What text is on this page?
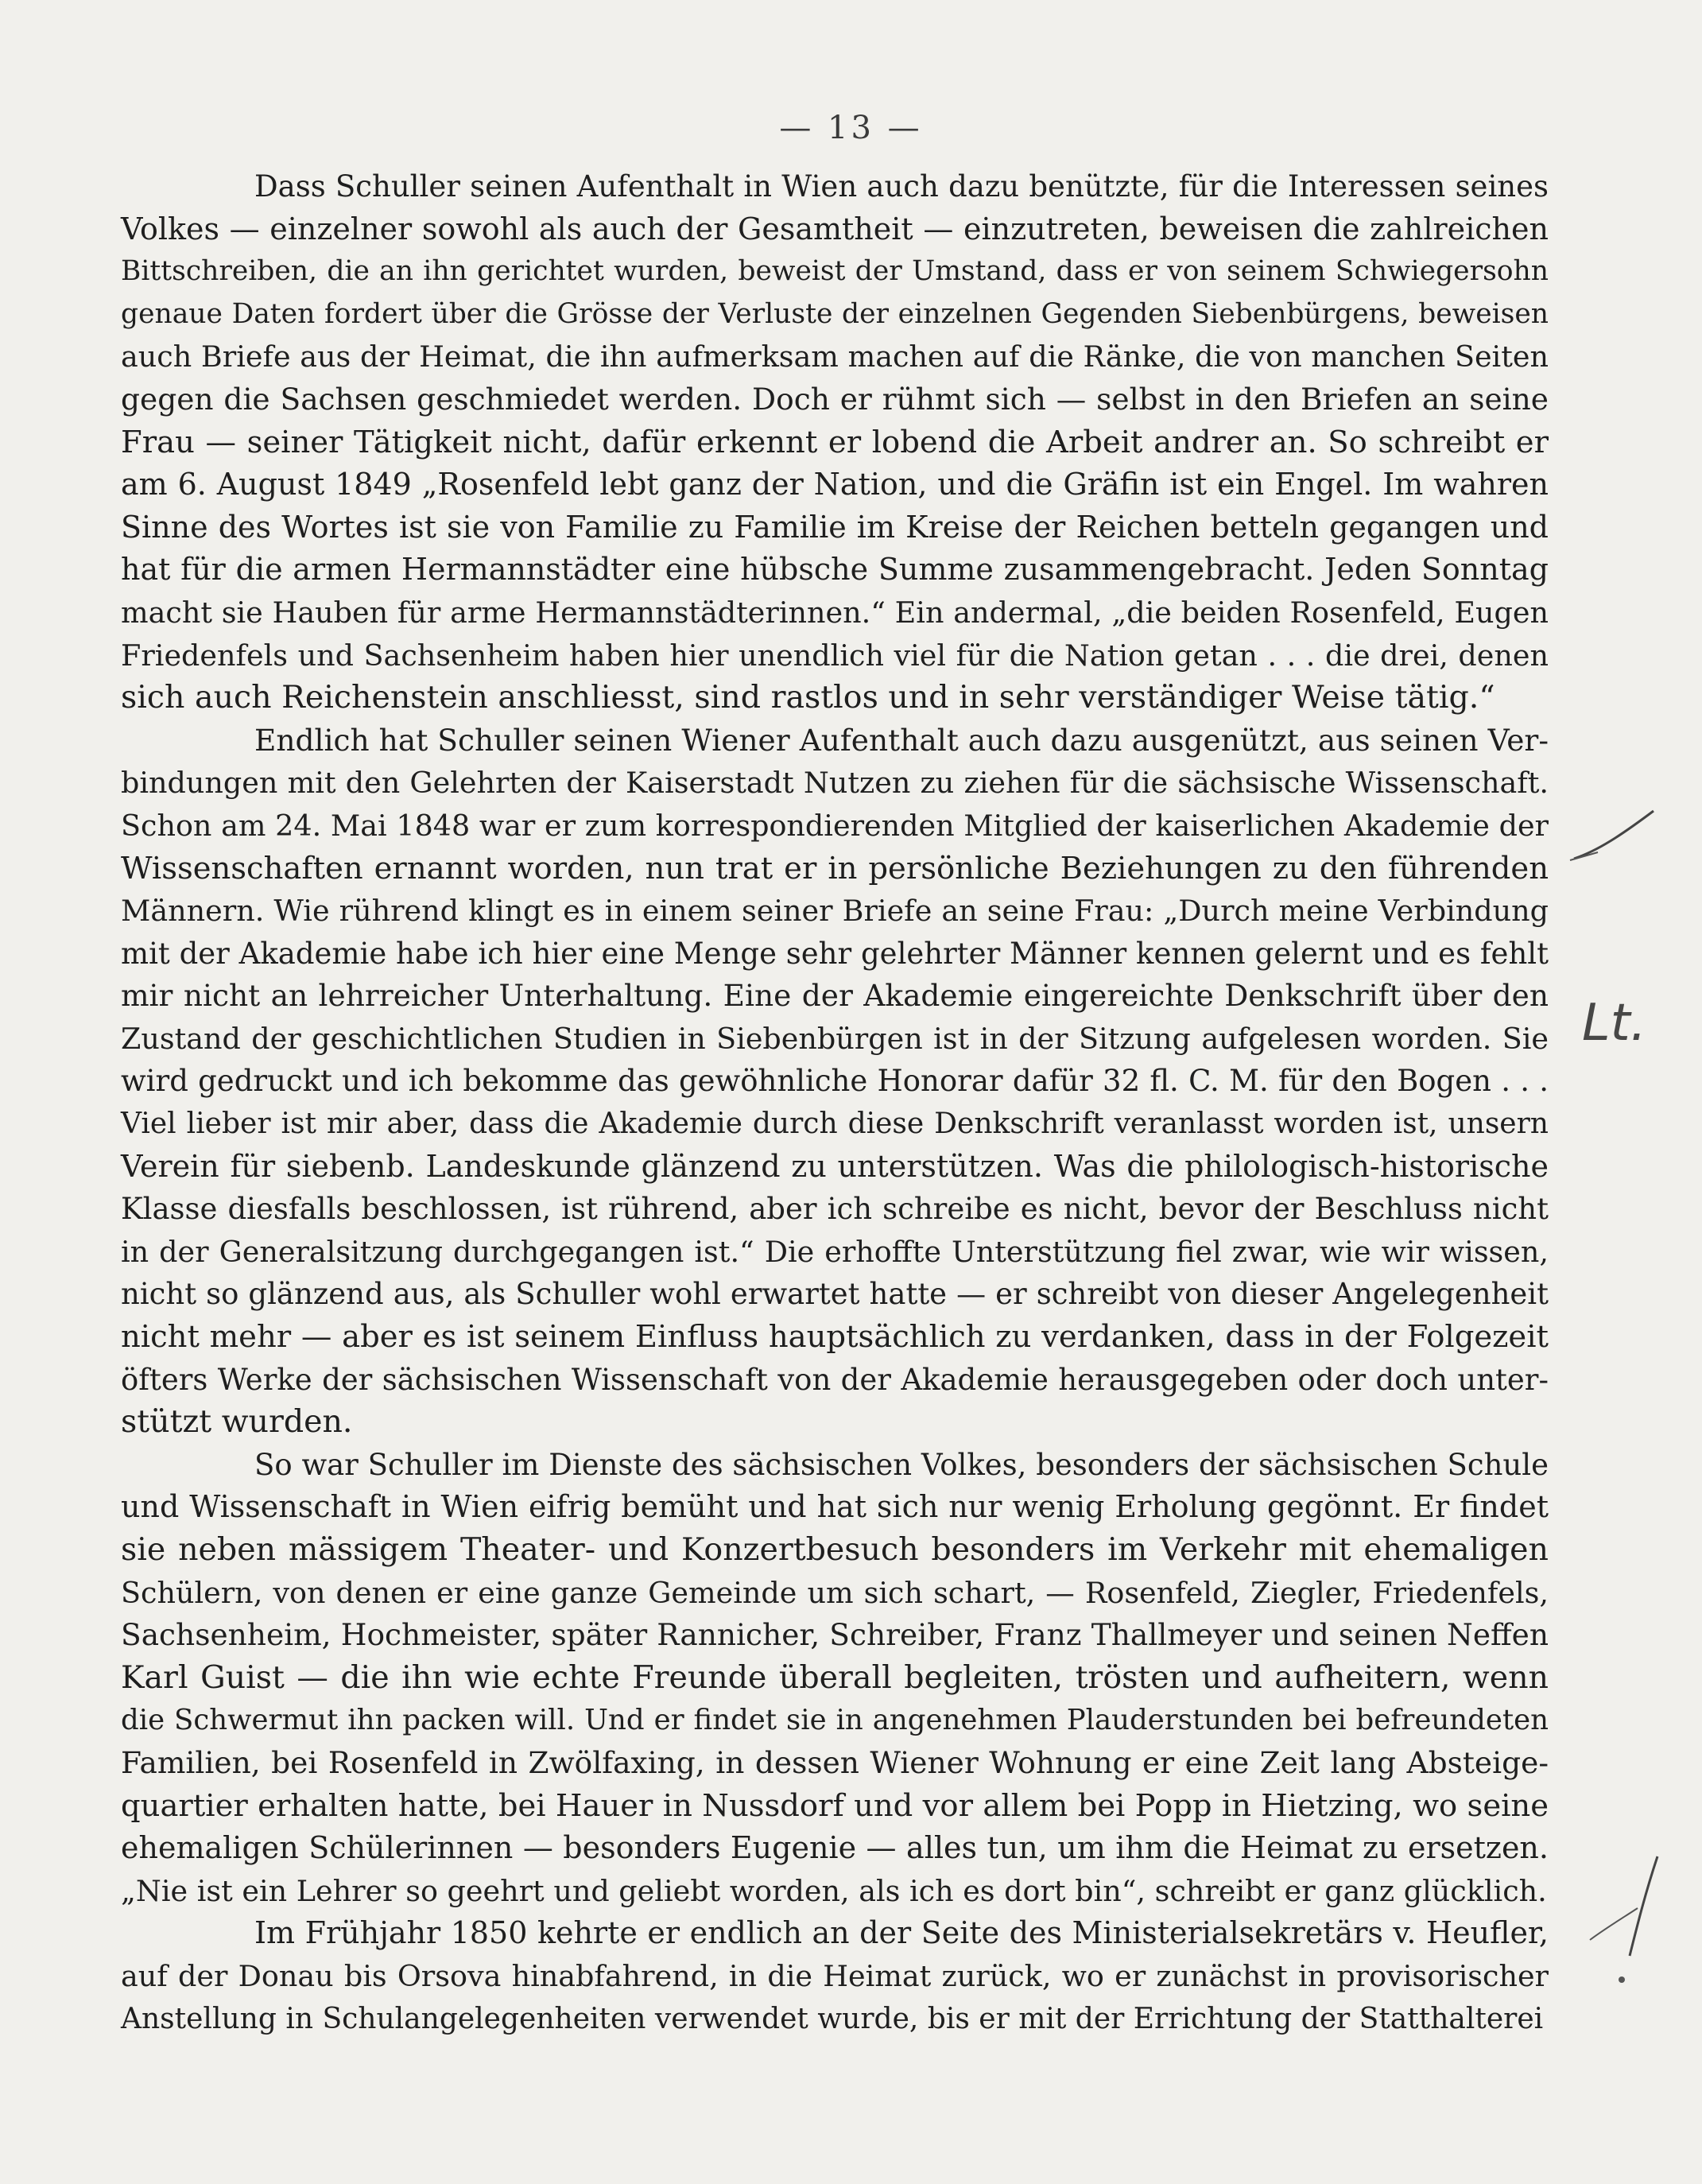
— 13 —
Dass Schuller seinen Aufenthalt in Wien auch dazu benützte, für die Interessen seines
Volkes — einzelner sowohl als auch der Gesamtheit — einzutreten, beweisen die zahlreichen
Bittschreiben, die an ihn gerichtet wurden, beweist der Umstand, dass er von seinem Schwiegersohn
genaue Daten fordert über die Grösse der Verluste der einzelnen Gegenden Siebenbürgens, beweisen
auch Briefe aus der Heimat, die ihn aufmerksam machen auf die Ränke, die von manchen Seiten
gegen die Sachsen geschmiedet werden. Doch er rühmt sich — selbst in den Briefen an seine
Frau — seiner Tätigkeit nicht, dafür erkennt er lobend die Arbeit andrer an. So schreibt er
am 6. August 1849 „Rosenfeld lebt ganz der Nation, und die Gräfin ist ein Engel. Im wahren
Sinne des Wortes ist sie von Familie zu Familie im Kreise der Reichen betteln gegangen und
hat für die armen Hermannstädter eine hübsche Summe zusammengebracht. Jeden Sonntag
macht sie Hauben für arme Hermannstädterinnen.“ Ein andermal, „die beiden Rosenfeld, Eugen
Friedenfels und Sachsenheim haben hier unendlich viel für die Nation getan . . . die drei, denen
sich auch Reichenstein anschliesst, sind rastlos und in sehr verständiger Weise tätig.“
Endlich hat Schuller seinen Wiener Aufenthalt auch dazu ausgenützt, aus seinen Ver-
bindungen mit den Gelehrten der Kaiserstadt Nutzen zu ziehen für die sächsische Wissenschaft.
Schon am 24. Mai 1848 war er zum korrespondierenden Mitglied der kaiserlichen Akademie der
Wissenschaften ernannt worden, nun trat er in persönliche Beziehungen zu den führenden
Männern. Wie rührend klingt es in einem seiner Briefe an seine Frau: „Durch meine Verbindung
mit der Akademie habe ich hier eine Menge sehr gelehrter Männer kennen gelernt und es fehlt
mir nicht an lehrreicher Unterhaltung. Eine der Akademie eingereichte Denkschrift über den
Zustand der geschichtlichen Studien in Siebenbürgen ist in der Sitzung aufgelesen worden. Sie
wird gedruckt und ich bekomme das gewöhnliche Honorar dafür 32 fl. C. M. für den Bogen . . .
Viel lieber ist mir aber, dass die Akademie durch diese Denkschrift veranlasst worden ist, unsern
Verein für siebenb. Landeskunde glänzend zu unterstützen. Was die philologisch-historische
Klasse diesfalls beschlossen, ist rührend, aber ich schreibe es nicht, bevor der Beschluss nicht
in der Generalsitzung durchgegangen ist.“ Die erhoffte Unterstützung fiel zwar, wie wir wissen,
nicht so glänzend aus, als Schuller wohl erwartet hatte — er schreibt von dieser Angelegenheit
nicht mehr — aber es ist seinem Einfluss hauptsächlich zu verdanken, dass in der Folgezeit
öfters Werke der sächsischen Wissenschaft von der Akademie herausgegeben oder doch unter-
stützt wurden.
So war Schuller im Dienste des sächsischen Volkes, besonders der sächsischen Schule
und Wissenschaft in Wien eifrig bemüht und hat sich nur wenig Erholung gegönnt. Er findet
sie neben mässigem Theater- und Konzertbesuch besonders im Verkehr mit ehemaligen
Schülern, von denen er eine ganze Gemeinde um sich schart, — Rosenfeld, Ziegler, Friedenfels,
Sachsenheim, Hochmeister, später Rannicher, Schreiber, Franz Thallmeyer und seinen Neffen
Karl Guist — die ihn wie echte Freunde überall begleiten, trösten und aufheitern, wenn
die Schwermut ihn packen will. Und er findet sie in angenehmen Plauderstunden bei befreundeten
Familien, bei Rosenfeld in Zwölfaxing, in dessen Wiener Wohnung er eine Zeit lang Absteige-
quartier erhalten hatte, bei Hauer in Nussdorf und vor allem bei Popp in Hietzing, wo seine
ehemaligen Schülerinnen — besonders Eugenie — alles tun, um ihm die Heimat zu ersetzen.
„Nie ist ein Lehrer so geehrt und geliebt worden, als ich es dort bin“, schreibt er ganz glücklich.
Im Frühjahr 1850 kehrte er endlich an der Seite des Ministerialsekretärs v. Heufler,
auf der Donau bis Orsova hinabfahrend, in die Heimat zurück, wo er zunächst in provisorischer
Anstellung in Schulangelegenheiten verwendet wurde, bis er mit der Errichtung der Statthalterei
Lt.
